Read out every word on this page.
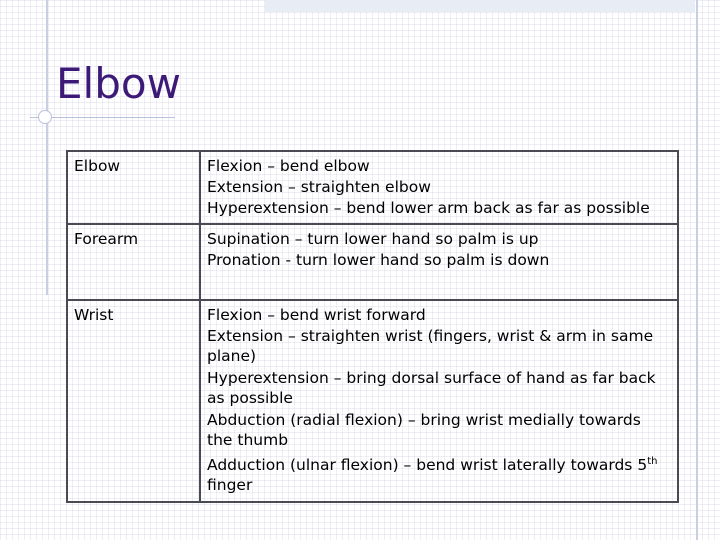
Elbow
Elbow	Flexion – bend elbow
Extension – straighten elbow
Hyperextension – bend lower arm back as far as possible

Forearm	Supination – turn lower hand so palm is up
Pronation - turn lower hand so palm is down

Wrist	Flexion – bend wrist forward
Extension – straighten wrist (fingers, wrist & arm in same plane)
Hyperextension – bring dorsal surface of hand as far back as possible
Abduction (radial flexion) – bring wrist medially towards the thumb
Adduction (ulnar flexion) – bend wrist laterally towards 5th finger
